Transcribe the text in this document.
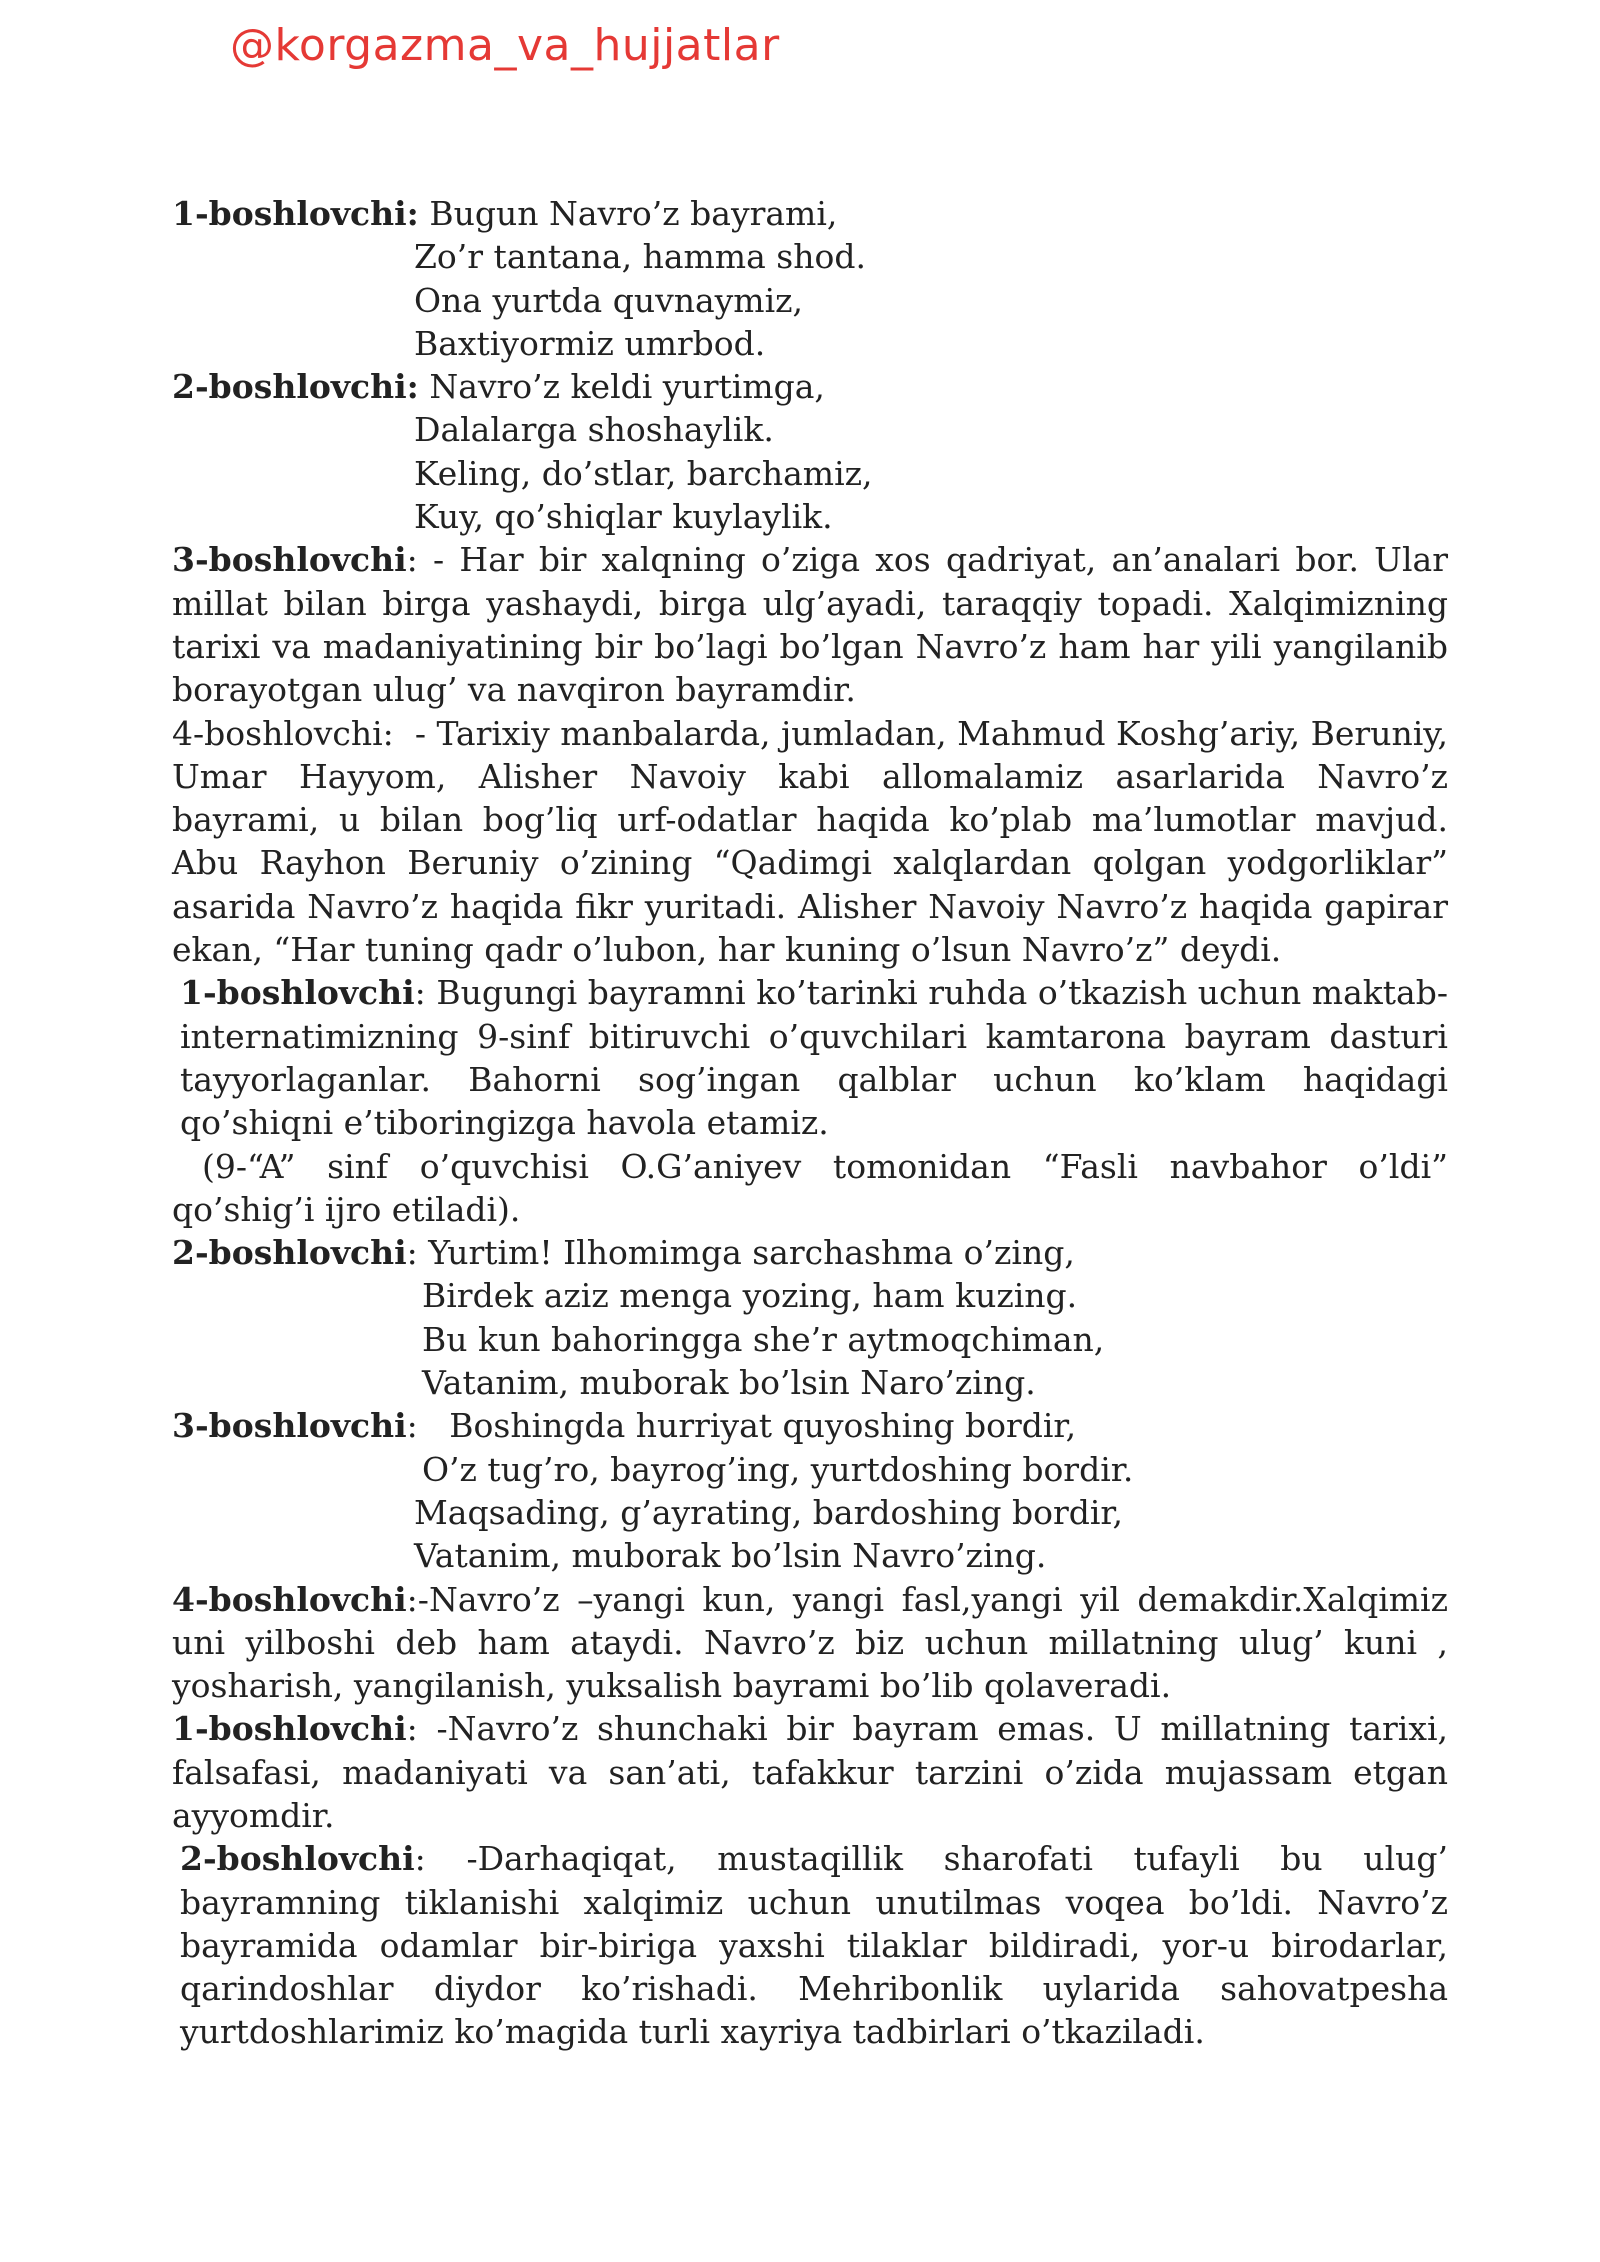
@korgazma_va_hujjatlar

1-boshlovchi: Bugun Navro’z bayrami,

Zo’r tantana, hamma shod.

Ona yurtda quvnaymiz,

Baxtiyormiz umrbod.

2-boshlovchi: Navro’z keldi yurtimga,

Dalalarga shoshaylik.

Keling, do’stlar, barchamiz,

Kuy, qo’shiqlar kuylaylik.

3-boshlovchi: - Har bir xalqning o’ziga xos qadriyat, an’analari bor. Ular millat bilan birga yashaydi, birga ulg’ayadi, taraqqiy topadi. Xalqimizning tarixi va madaniyatining bir bo’lagi bo’lgan Navro’z ham har yili yangilanib borayotgan ulug’ va navqiron bayramdir.

4-boshlovchi: - Tarixiy manbalarda, jumladan, Mahmud Koshg’ariy, Beruniy, Umar Hayyom, Alisher Navoiy kabi allomalamiz asarlarida Navro’z bayrami, u bilan bog’liq urf-odatlar haqida ko’plab ma’lumotlar mavjud. Abu Rayhon Beruniy o’zining “Qadimgi xalqlardan qolgan yodgorliklar” asarida Navro’z haqida fikr yuritadi. Alisher Navoiy Navro’z haqida gapirar ekan, “Har tuning qadr o’lubon, har kuning o’lsun Navro’z” deydi.

1-boshlovchi: Bugungi bayramni ko’tarinki ruhda o’tkazish uchun maktab-internatimizning 9-sinf bitiruvchi o’quvchilari kamtarona bayram dasturi tayyorlaganlar. Bahorni sog’ingan qalblar uchun ko’klam haqidagi qo’shiqni e’tiboringizga havola etamiz.

(9-“A” sinf o’quvchisi O.G’aniyev tomonidan “Fasli navbahor o’ldi” qo’shig’i ijro etiladi).

2-boshlovchi: Yurtim! Ilhomimga sarchashma o’zing,

Birdek aziz menga yozing, ham kuzing.

Bu kun bahoringga she’r aytmoqchiman,

Vatanim, muborak bo’lsin Naro’zing.

3-boshlovchi: Boshingda hurriyat quyoshing bordir,

O’z tug’ro, bayrog’ing, yurtdoshing bordir.

Maqsading, g’ayrating, bardoshing bordir,

Vatanim, muborak bo’lsin Navro’zing.

4-boshlovchi:-Navro’z –yangi kun, yangi fasl,yangi yil demakdir.Xalqimiz uni yilboshi deb ham ataydi. Navro’z biz uchun millatning ulug’ kuni , yosharish, yangilanish, yuksalish bayrami bo’lib qolaveradi.

1-boshlovchi: -Navro’z shunchaki bir bayram emas. U millatning tarixi, falsafasi, madaniyati va san’ati, tafakkur tarzini o’zida mujassam etgan ayyomdir.

2-boshlovchi: -Darhaqiqat, mustaqillik sharofati tufayli bu ulug’ bayramning tiklanishi xalqimiz uchun unutilmas voqea bo’ldi. Navro’z bayramida odamlar bir-biriga yaxshi tilaklar bildiradi, yor-u birodarlar, qarindoshlar diydor ko’rishadi. Mehribonlik uylarida sahovatpesha yurtdoshlarimiz ko’magida turli xayriya tadbirlari o’tkaziladi.
